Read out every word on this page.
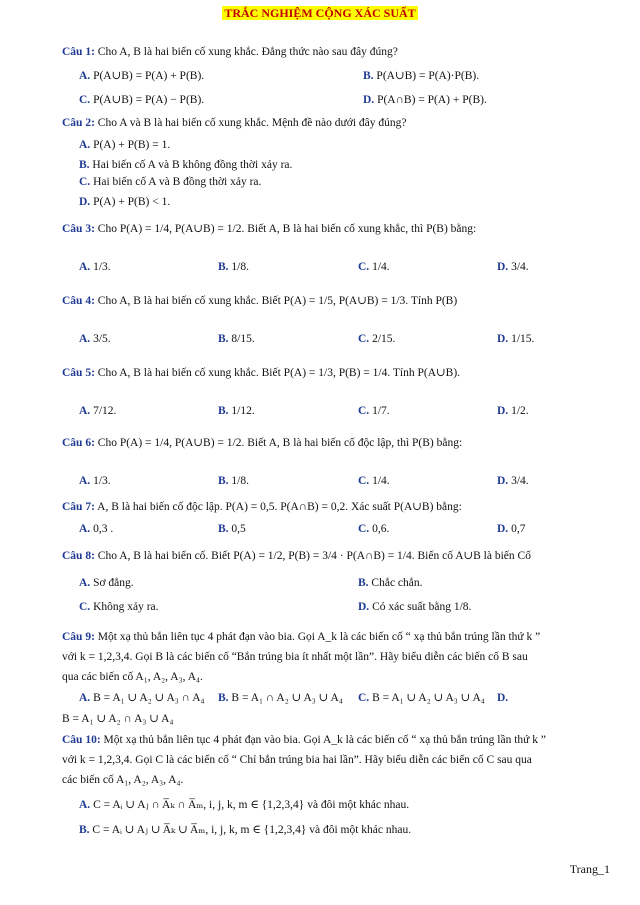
TRẮC NGHIỆM CỘNG XÁC SUẤT
Câu 1: Cho A, B là hai biến cố xung khắc. Đẳng thức nào sau đây đúng?
A. P(A∪B) = P(A) + P(B).	B. P(A∪B) = P(A)·P(B).
C. P(A∪B) = P(A) − P(B).	D. P(A∩B) = P(A) + P(B).
Câu 2: Cho A và B là hai biến cố xung khắc. Mệnh đề nào dưới đây đúng?
A. P(A) + P(B) = 1.
B. Hai biến cố A và B không đồng thời xảy ra.
C. Hai biến cố A và B đồng thời xảy ra.
D. P(A) + P(B) < 1.
Câu 3: Cho P(A) = 1/4, P(A∪B) = 1/2. Biết A, B là hai biến cố xung khắc, thì P(B) bằng:
A. 1/3.	B. 1/8.	C. 1/4.	D. 3/4.
Câu 4: Cho A, B là hai biến cố xung khắc. Biết P(A) = 1/5, P(A∪B) = 1/3. Tính P(B)
A. 3/5.	B. 8/15.	C. 2/15.	D. 1/15.
Câu 5: Cho A, B là hai biến cố xung khắc. Biết P(A) = 1/3, P(B) = 1/4. Tính P(A∪B).
A. 7/12.	B. 1/12.	C. 1/7.	D. 1/2.
Câu 6: Cho P(A) = 1/4, P(A∪B) = 1/2. Biết A, B là hai biến cố độc lập, thì P(B) bằng:
A. 1/3.	B. 1/8.	C. 1/4.	D. 3/4.
Câu 7: A, B là hai biến cố độc lập. P(A) = 0,5. P(A∩B) = 0,2. Xác suất P(A∪B) bằng:
A. 0,3 .	B. 0,5	C. 0,6.	D. 0,7
Câu 8: Cho A, B là hai biến cố. Biết P(A) = 1/2, P(B) = 3/4 · P(A∩B) = 1/4. Biến cố A∪B là biến Cố
A. Sơ đẳng.	B. Chắc chắn.
C. Không xảy ra.	D. Có xác suất bằng 1/8.
Câu 9: Một xạ thủ bắn liên tục 4 phát đạn vào bia. Gọi A_k là các biến cố “ xạ thủ bắn trúng lần thứ k ”
với k = 1,2,3,4. Gọi B là các biến cố “Bắn trúng bia ít nhất một lần”. Hãy biểu diễn các biến cố B sau
qua các biến cố A₁, A₂, A₃, A₄.
A. B = A₁ ∪ A₂ ∪ A₃ ∩ A₄ B. B = A₁ ∩ A₂ ∪ A₃ ∪ A₄ C. B = A₁ ∪ A₂ ∪ A₃ ∪ A₄ D.
B = A₁ ∪ A₂ ∩ A₃ ∪ A₄
Câu 10: Một xạ thủ bắn liên tục 4 phát đạn vào bia. Gọi A_k là các biến cố “ xạ thủ bắn trúng lần thứ k ”
với k = 1,2,3,4. Gọi C là các biến cố “ Chỉ bắn trúng bia hai lần”. Hãy biểu diễn các biến cố C sau qua
các biến cố A₁, A₂, A₃, A₄.
A. C = Aᵢ ∪ Aⱼ ∩ A̅ₖ ∩ A̅ₘ, i, j, k, m ∈ {1,2,3,4} và đôi một khác nhau.
B. C = Aᵢ ∪ Aⱼ ∪ A̅ₖ ∪ A̅ₘ, i, j, k, m ∈ {1,2,3,4} và đôi một khác nhau.
Trang_1
